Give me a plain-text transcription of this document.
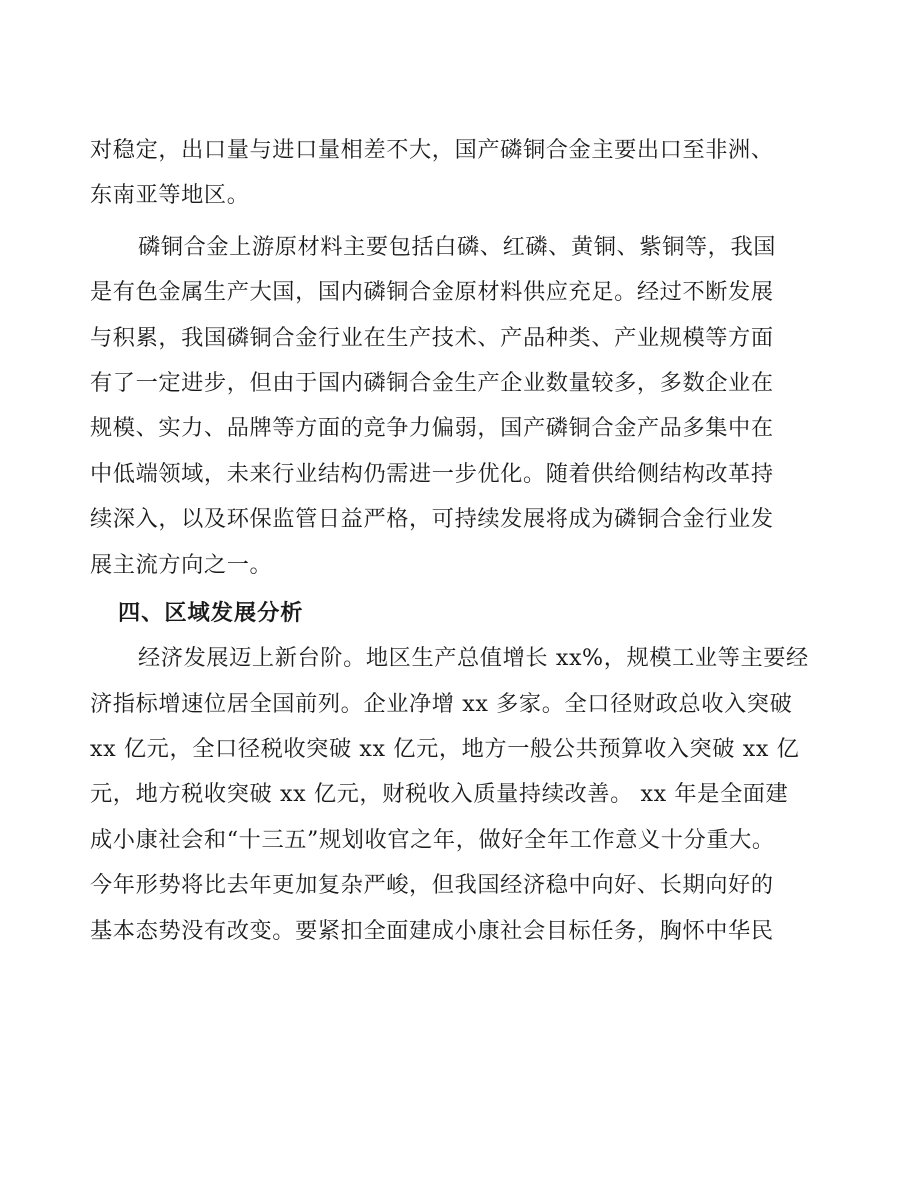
对稳定，出口量与进口量相差不大，国产磷铜合金主要出口至非洲、
东南亚等地区。
磷铜合金上游原材料主要包括白磷、红磷、黄铜、紫铜等，我国
是有色金属生产大国，国内磷铜合金原材料供应充足。经过不断发展
与积累，我国磷铜合金行业在生产技术、产品种类、产业规模等方面
有了一定进步，但由于国内磷铜合金生产企业数量较多，多数企业在
规模、实力、品牌等方面的竞争力偏弱，国产磷铜合金产品多集中在
中低端领域，未来行业结构仍需进一步优化。随着供给侧结构改革持
续深入，以及环保监管日益严格，可持续发展将成为磷铜合金行业发
展主流方向之一。
四、区域发展分析
经济发展迈上新台阶。地区生产总值增长 xx%，规模工业等主要经
济指标增速位居全国前列。企业净增 xx 多家。全口径财政总收入突破
xx 亿元，全口径税收突破 xx 亿元，地方一般公共预算收入突破 xx 亿
元，地方税收突破 xx 亿元，财税收入质量持续改善。 xx 年是全面建
成小康社会和“十三五”规划收官之年，做好全年工作意义十分重大。
今年形势将比去年更加复杂严峻，但我国经济稳中向好、长期向好的
基本态势没有改变。要紧扣全面建成小康社会目标任务，胸怀中华民
